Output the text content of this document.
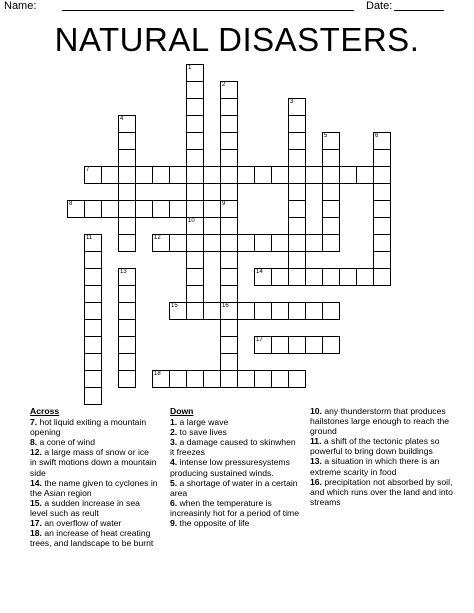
Name:	Date:
NATURAL DISASTERS.
1
10
2
3
4
5	6
9
16
11
13
7
8
12
14
15
17
18
Across
7. hot liquid exiting a mountain opening
8. a cone of wind
12. a large mass of snow or ice in swift motions down a mountain side
14. the name given to cyclones in the Asian region
15. a sudden increase in sea level such as reult
17. an overflow of water
18. an increase of heat creating trees, and landscape to be burnt
Down
1. a large wave
2. to save lives
3. a damage caused to skinwhen it freezes
4. intense low pressuresystems producing sustained winds.
5. a shortage of water in a certain area
6. when the temperature is increasinly hot for a period of time
9. the opposite of life
10. any thunderstorm that produces hailstones large enough to reach the ground
11. a shift of the tectonic plates so powerful to bring down buildings
13. a situation in which there is an extreme scarity in food
16. precipitation not absorbed by soil, and which runs over the land and into streams
